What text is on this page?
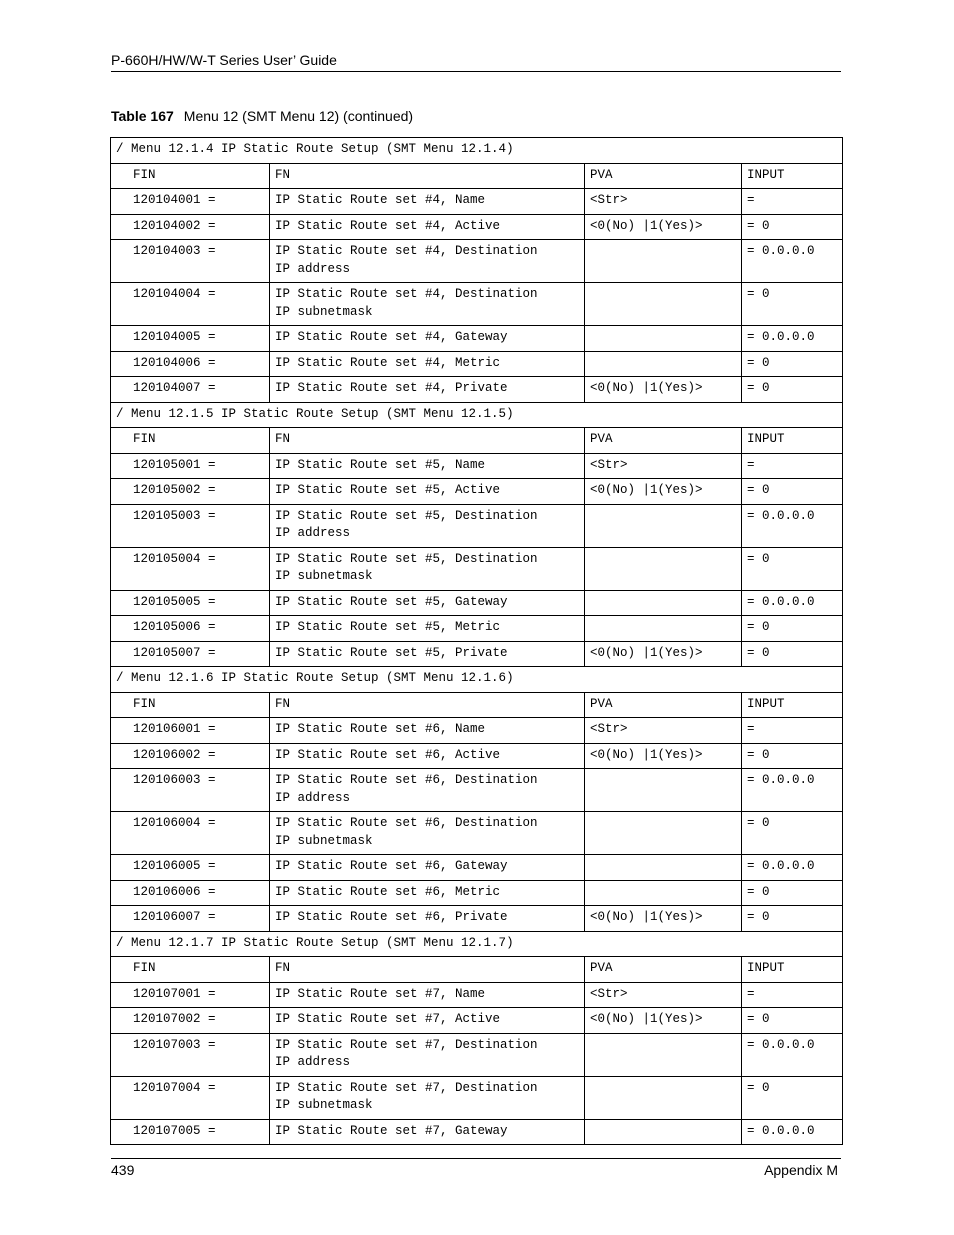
P-660H/HW/W-T Series User’ Guide
Table 167 Menu 12 (SMT Menu 12) (continued)
/ Menu 12.1.4 IP Static Route Setup (SMT Menu 12.1.4)			
FIN	FN	PVA	INPUT
120104001 =	IP Static Route set #4, Name	<Str>	=
120104002 =	IP Static Route set #4, Active	<0(No) |1(Yes)>	= 0
120104003 =	IP Static Route set #4, Destination
IP address		= 0.0.0.0
120104004 =	IP Static Route set #4, Destination
IP subnetmask		= 0
120104005 =	IP Static Route set #4, Gateway		= 0.0.0.0
120104006 =	IP Static Route set #4, Metric		= 0
120104007 =	IP Static Route set #4, Private	<0(No) |1(Yes)>	= 0
/ Menu 12.1.5 IP Static Route Setup (SMT Menu 12.1.5)			
FIN	FN	PVA	INPUT
120105001 =	IP Static Route set #5, Name	<Str>	=
120105002 =	IP Static Route set #5, Active	<0(No) |1(Yes)>	= 0
120105003 =	IP Static Route set #5, Destination
IP address		= 0.0.0.0
120105004 =	IP Static Route set #5, Destination
IP subnetmask		= 0
120105005 =	IP Static Route set #5, Gateway		= 0.0.0.0
120105006 =	IP Static Route set #5, Metric		= 0
120105007 =	IP Static Route set #5, Private	<0(No) |1(Yes)>	= 0
/ Menu 12.1.6 IP Static Route Setup (SMT Menu 12.1.6)			
FIN	FN	PVA	INPUT
120106001 =	IP Static Route set #6, Name	<Str>	=
120106002 =	IP Static Route set #6, Active	<0(No) |1(Yes)>	= 0
120106003 =	IP Static Route set #6, Destination
IP address		= 0.0.0.0
120106004 =	IP Static Route set #6, Destination
IP subnetmask		= 0
120106005 =	IP Static Route set #6, Gateway		= 0.0.0.0
120106006 =	IP Static Route set #6, Metric		= 0
120106007 =	IP Static Route set #6, Private	<0(No) |1(Yes)>	= 0
/ Menu 12.1.7 IP Static Route Setup (SMT Menu 12.1.7)			
FIN	FN	PVA	INPUT
120107001 =	IP Static Route set #7, Name	<Str>	=
120107002 =	IP Static Route set #7, Active	<0(No) |1(Yes)>	= 0
120107003 =	IP Static Route set #7, Destination
IP address		= 0.0.0.0
120107004 =	IP Static Route set #7, Destination
IP subnetmask		= 0
120107005 =	IP Static Route set #7, Gateway		= 0.0.0.0
439	Appendix M
